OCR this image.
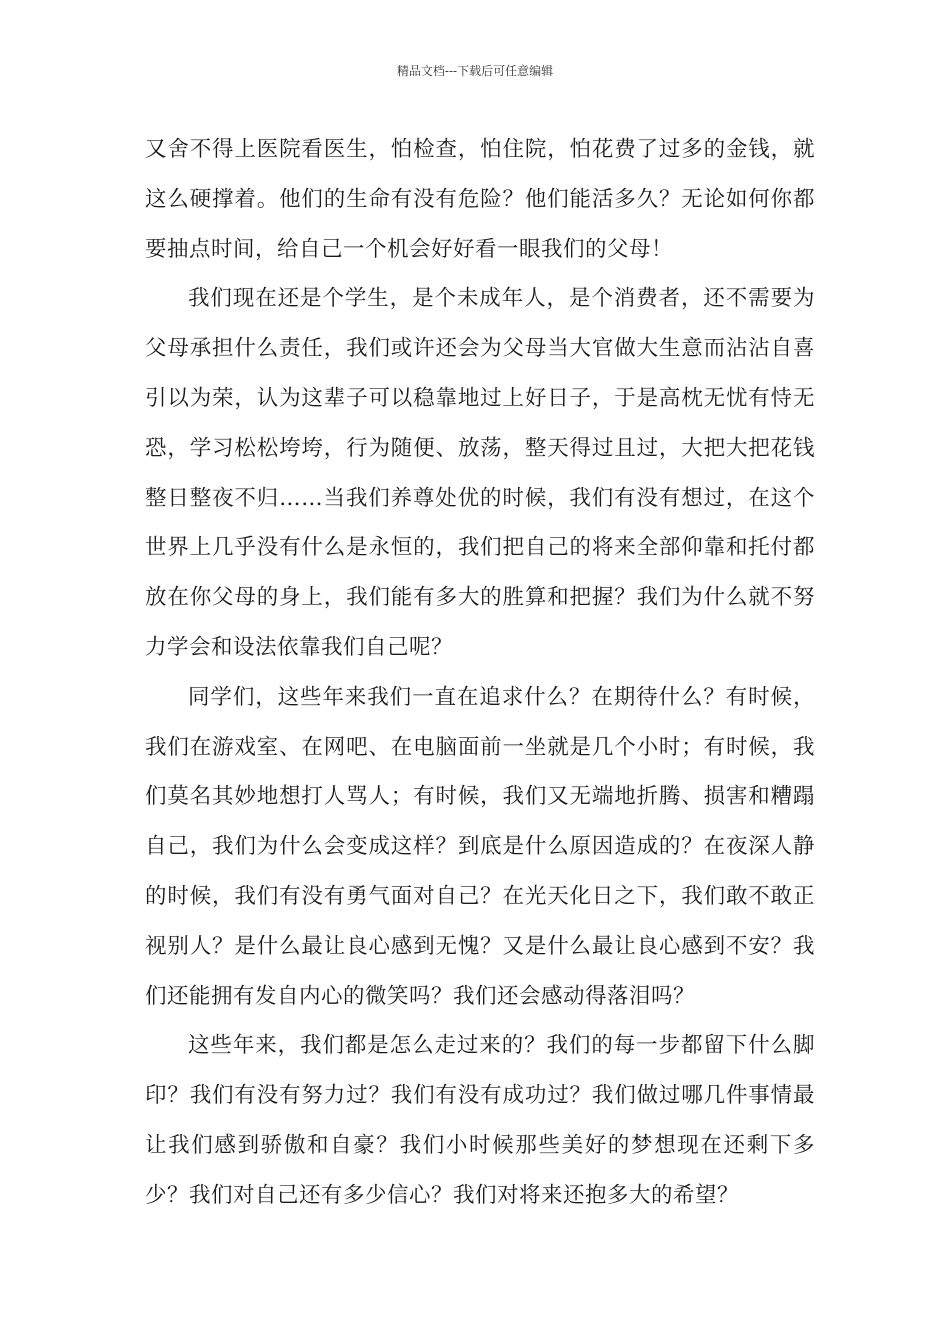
精品文档---下载后可任意编辑

又舍不得上医院看医生，怕检查，怕住院，怕花费了过多的金钱，就这么硬撑着。他们的生命有没有危险？他们能活多久？无论如何你都要抽点时间，给自己一个机会好好看一眼我们的父母！

我们现在还是个学生，是个未成年人，是个消费者，还不需要为父母承担什么责任，我们或许还会为父母当大官做大生意而沾沾自喜引以为荣，认为这辈子可以稳靠地过上好日子，于是高枕无忧有恃无恐，学习松松垮垮，行为随便、放荡，整天得过且过，大把大把花钱整日整夜不归……当我们养尊处优的时候，我们有没有想过，在这个世界上几乎没有什么是永恒的，我们把自己的将来全部仰靠和托付都放在你父母的身上，我们能有多大的胜算和把握？我们为什么就不努力学会和设法依靠我们自己呢？

同学们，这些年来我们一直在追求什么？在期待什么？有时候，我们在游戏室、在网吧、在电脑面前一坐就是几个小时；有时候，我们莫名其妙地想打人骂人；有时候，我们又无端地折腾、损害和糟蹋自己，我们为什么会变成这样？到底是什么原因造成的？在夜深人静的时候，我们有没有勇气面对自己？在光天化日之下，我们敢不敢正视别人？是什么最让良心感到无愧？又是什么最让良心感到不安？我们还能拥有发自内心的微笑吗？我们还会感动得落泪吗？

这些年来，我们都是怎么走过来的？我们的每一步都留下什么脚印？我们有没有努力过？我们有没有成功过？我们做过哪几件事情最让我们感到骄傲和自豪？我们小时候那些美好的梦想现在还剩下多少？我们对自己还有多少信心？我们对将来还抱多大的希望？
